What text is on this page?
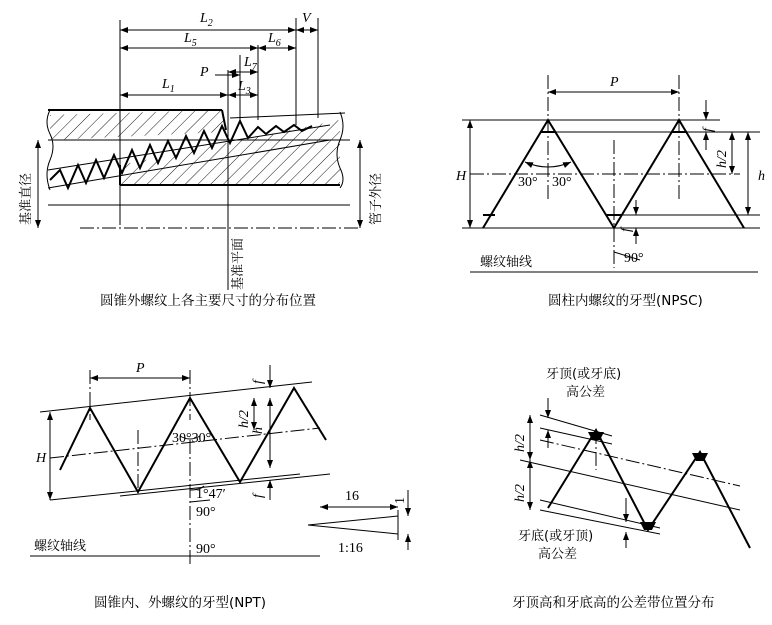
$L_2$	V
$L_5$	$L_6$
$L_7$
P
$L_1$	$L_3$
基准直径	管子外径
基准平面
圆锥外螺纹上各主要尺寸的分布位置
P
H
h/2
h
f
f
30° 30°
90°
螺纹轴线
圆柱内螺纹的牙型(NPSC)
P
H
h/2
h
f
f
30°30°
1°47′
90°
90°
16 1
1:16
螺纹轴线
圆锥内、外螺纹的牙型(NPT)
牙顶(或牙底)
高公差
h/2
h/2
牙底(或牙顶)
高公差
牙顶高和牙底高的公差带位置分布
